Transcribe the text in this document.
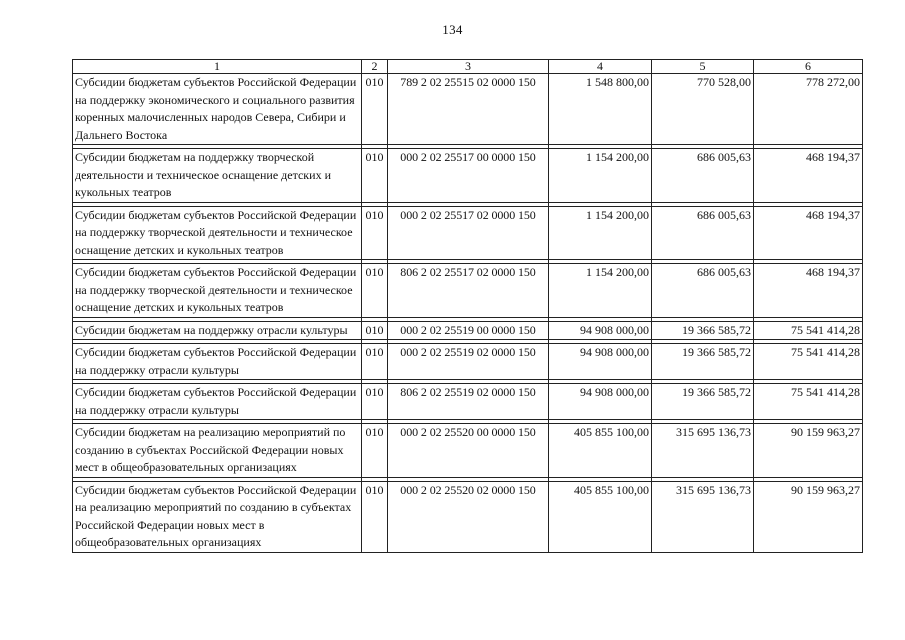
134
1	2	3	4	5	6
Субсидии бюджетам субъектов Российской Федерации на поддержку экономического и социального развития коренных малочисленных народов Севера, Сибири и Дальнего Востока	010	789 2 02 25515 02 0000 150	1 548 800,00	770 528,00	778 272,00

Субсидии бюджетам на поддержку творческой деятельности и техническое оснащение детских и кукольных театров	010	000 2 02 25517 00 0000 150	1 154 200,00	686 005,63	468 194,37

Субсидии бюджетам субъектов Российской Федерации на поддержку творческой деятельности и техническое оснащение детских и кукольных театров	010	000 2 02 25517 02 0000 150	1 154 200,00	686 005,63	468 194,37

Субсидии бюджетам субъектов Российской Федерации на поддержку творческой деятельности и техническое оснащение детских и кукольных театров	010	806 2 02 25517 02 0000 150	1 154 200,00	686 005,63	468 194,37

Субсидии бюджетам на поддержку отрасли культуры	010	000 2 02 25519 00 0000 150	94 908 000,00	19 366 585,72	75 541 414,28

Субсидии бюджетам субъектов Российской Федерации на поддержку отрасли культуры	010	000 2 02 25519 02 0000 150	94 908 000,00	19 366 585,72	75 541 414,28

Субсидии бюджетам субъектов Российской Федерации на поддержку отрасли культуры	010	806 2 02 25519 02 0000 150	94 908 000,00	19 366 585,72	75 541 414,28

Субсидии бюджетам на реализацию мероприятий по созданию в субъектах Российской Федерации новых мест в общеобразовательных организациях	010	000 2 02 25520 00 0000 150	405 855 100,00	315 695 136,73	90 159 963,27

Субсидии бюджетам субъектов Российской Федерации на реализацию мероприятий по созданию в субъектах Российской Федерации новых мест в общеобразовательных организациях	010	000 2 02 25520 02 0000 150	405 855 100,00	315 695 136,73	90 159 963,27
